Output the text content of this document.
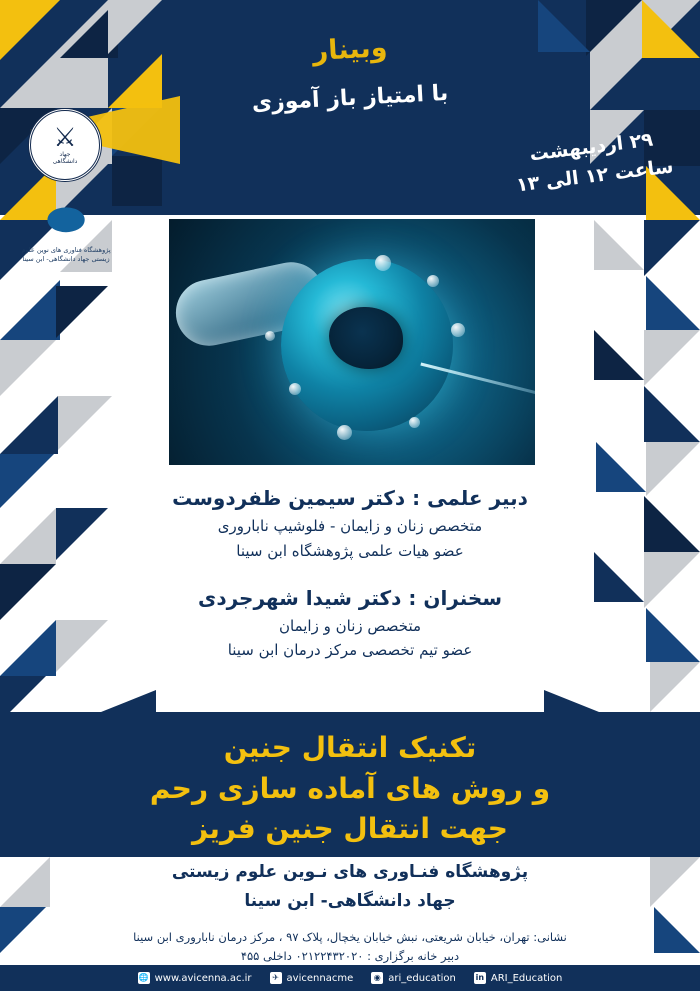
وبینار
با امتیاز باز آموزی
۲۹ اردیبهشت
ساعت ۱۲ الی ۱۳
⚔
جهاد
دانشگاهی
⬬
پژوهشگاه فناوری های نوین علوم زیستی جهاد دانشگاهی- ابن سینا
دبیر علمی : دکتر سیمین ظفردوست
متخصص زنان و زایمان - فلوشیپ ناباروری
عضو هیات علمی پژوهشگاه ابن سینا
سخنران : دکتر شیدا شهرجردی
متخصص زنان و زایمان
عضو تیم تخصصی مرکز درمان ابن سینا
تکنیک انتقال جنین
و روش های آماده سازی رحم
جهت انتقال جنین فریز
پژوهشگاه فنـاوری های نـوین علوم زیستی
جهاد دانشگاهی- ابن سینا
نشانی: تهران، خیابان شریعتی، نبش خیابان یخچال، پلاک ۹۷ ، مرکز درمان ناباروری ابن سینا
دبیر خانه برگزاری : ۰۲۱۲۲۴۳۲۰۲۰ داخلی ۴۵۵
🌐 www.avicenna.ac.ir	✈ avicennacme	◉ ari_education in ARI_Education
